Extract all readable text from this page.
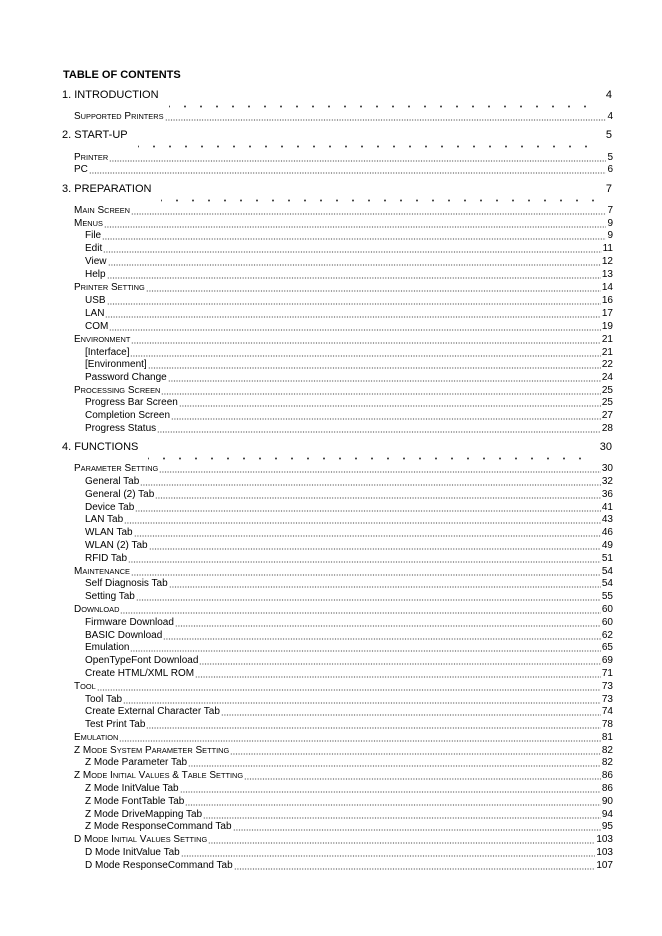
TABLE OF CONTENTS
1. INTRODUCTION	4
SUPPORTED PRINTERS	4
2. START-UP	5
PRINTER	5
PC	6
3. PREPARATION	7
MAIN SCREEN	7
MENUS	9
File	9
Edit	11
View	12
Help	13
PRINTER SETTING	14
USB	16
LAN	17
COM	19
ENVIRONMENT	21
[Interface]	21
[Environment]	22
Password Change	24
PROCESSING SCREEN	25
Progress Bar Screen	25
Completion Screen	27
Progress Status	28
4. FUNCTIONS	30
PARAMETER SETTING	30
General Tab	32
General (2) Tab	36
Device Tab	41
LAN Tab	43
WLAN Tab	46
WLAN (2) Tab	49
RFID Tab	51
MAINTENANCE	54
Self Diagnosis Tab	54
Setting Tab	55
DOWNLOAD	60
Firmware Download	60
BASIC Download	62
Emulation	65
OpenTypeFont Download	69
Create HTML/XML ROM	71
TOOL	73
Tool Tab	73
Create External Character Tab	74
Test Print Tab	78
EMULATION	81
Z MODE SYSTEM PARAMETER SETTING	82
Z Mode Parameter Tab	82
Z MODE INITIAL VALUES & TABLE SETTING	86
Z Mode InitValue Tab	86
Z Mode FontTable Tab	90
Z Mode DriveMapping Tab	94
Z Mode ResponseCommand Tab	95
D MODE INITIAL VALUES SETTING	103
D Mode InitValue Tab	103
D Mode ResponseCommand Tab	107
